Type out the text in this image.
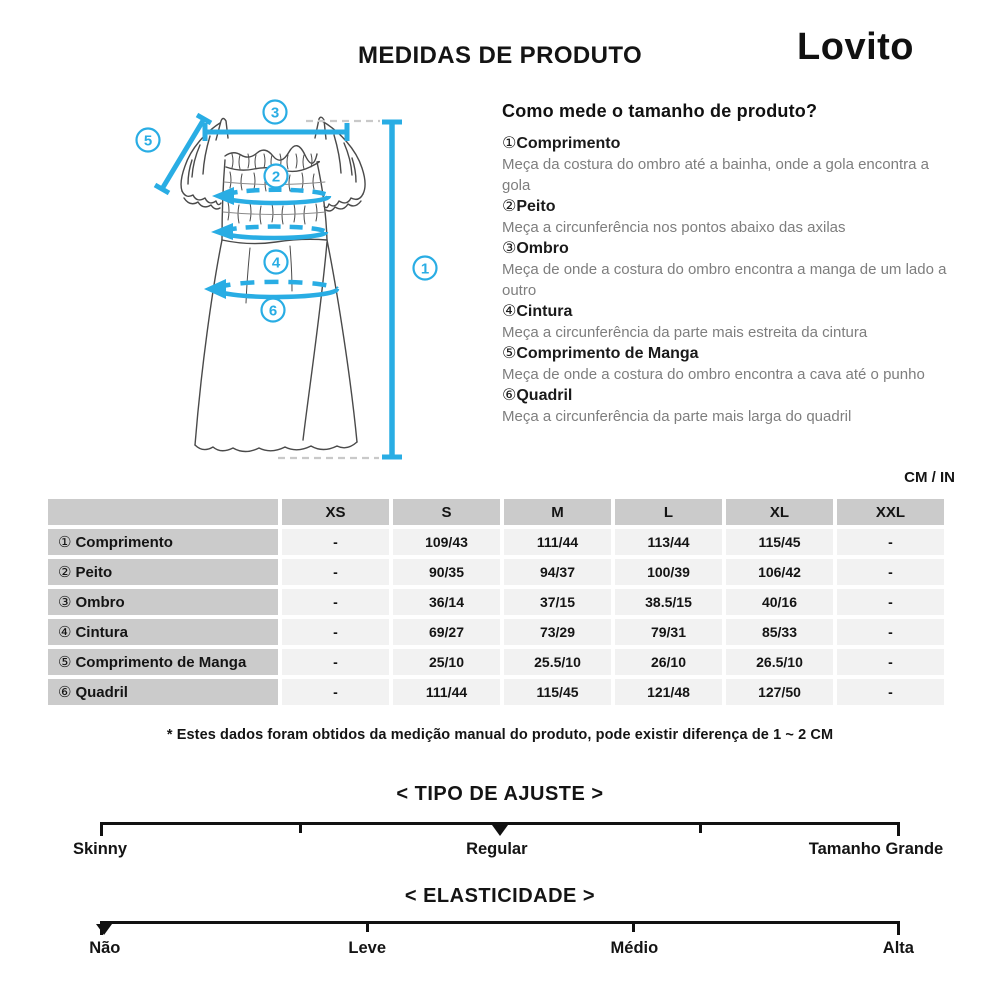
MEDIDAS DE PRODUTO	Lovito
3
5
2
4
6
1
Como mede o tamanho de produto?
①Comprimento
Meça da costura do ombro até a bainha, onde a gola encontra a gola
②Peito
Meça a circunferência nos pontos abaixo das axilas
③Ombro
Meça de onde a costura do ombro encontra a manga de um lado a outro
④Cintura
Meça a circunferência da parte mais estreita da cintura
⑤Comprimento de Manga
Meça de onde a costura do ombro encontra a cava até o punho
⑥Quadril
Meça a circunferência da parte mais larga do quadril
CM / IN
	XS	S	M	L	XL	XXL
① Comprimento	-	109/43	111/44	113/44	115/45	-
② Peito	-	90/35	94/37	100/39	106/42	-
③ Ombro	-	36/14	37/15	38.5/15	40/16	-
④ Cintura	-	69/27	73/29	79/31	85/33	-
⑤ Comprimento de Manga	-	25/10	25.5/10	26/10	26.5/10	-
⑥ Quadril	-	111/44	115/45	121/48	127/50	-
* Estes dados foram obtidos da medição manual do produto, pode existir diferença de 1 ~ 2 CM
< TIPO DE AJUSTE >
Skinny	Regular	Tamanho Grande
< ELASTICIDADE >
Não	Leve	Médio	Alta
